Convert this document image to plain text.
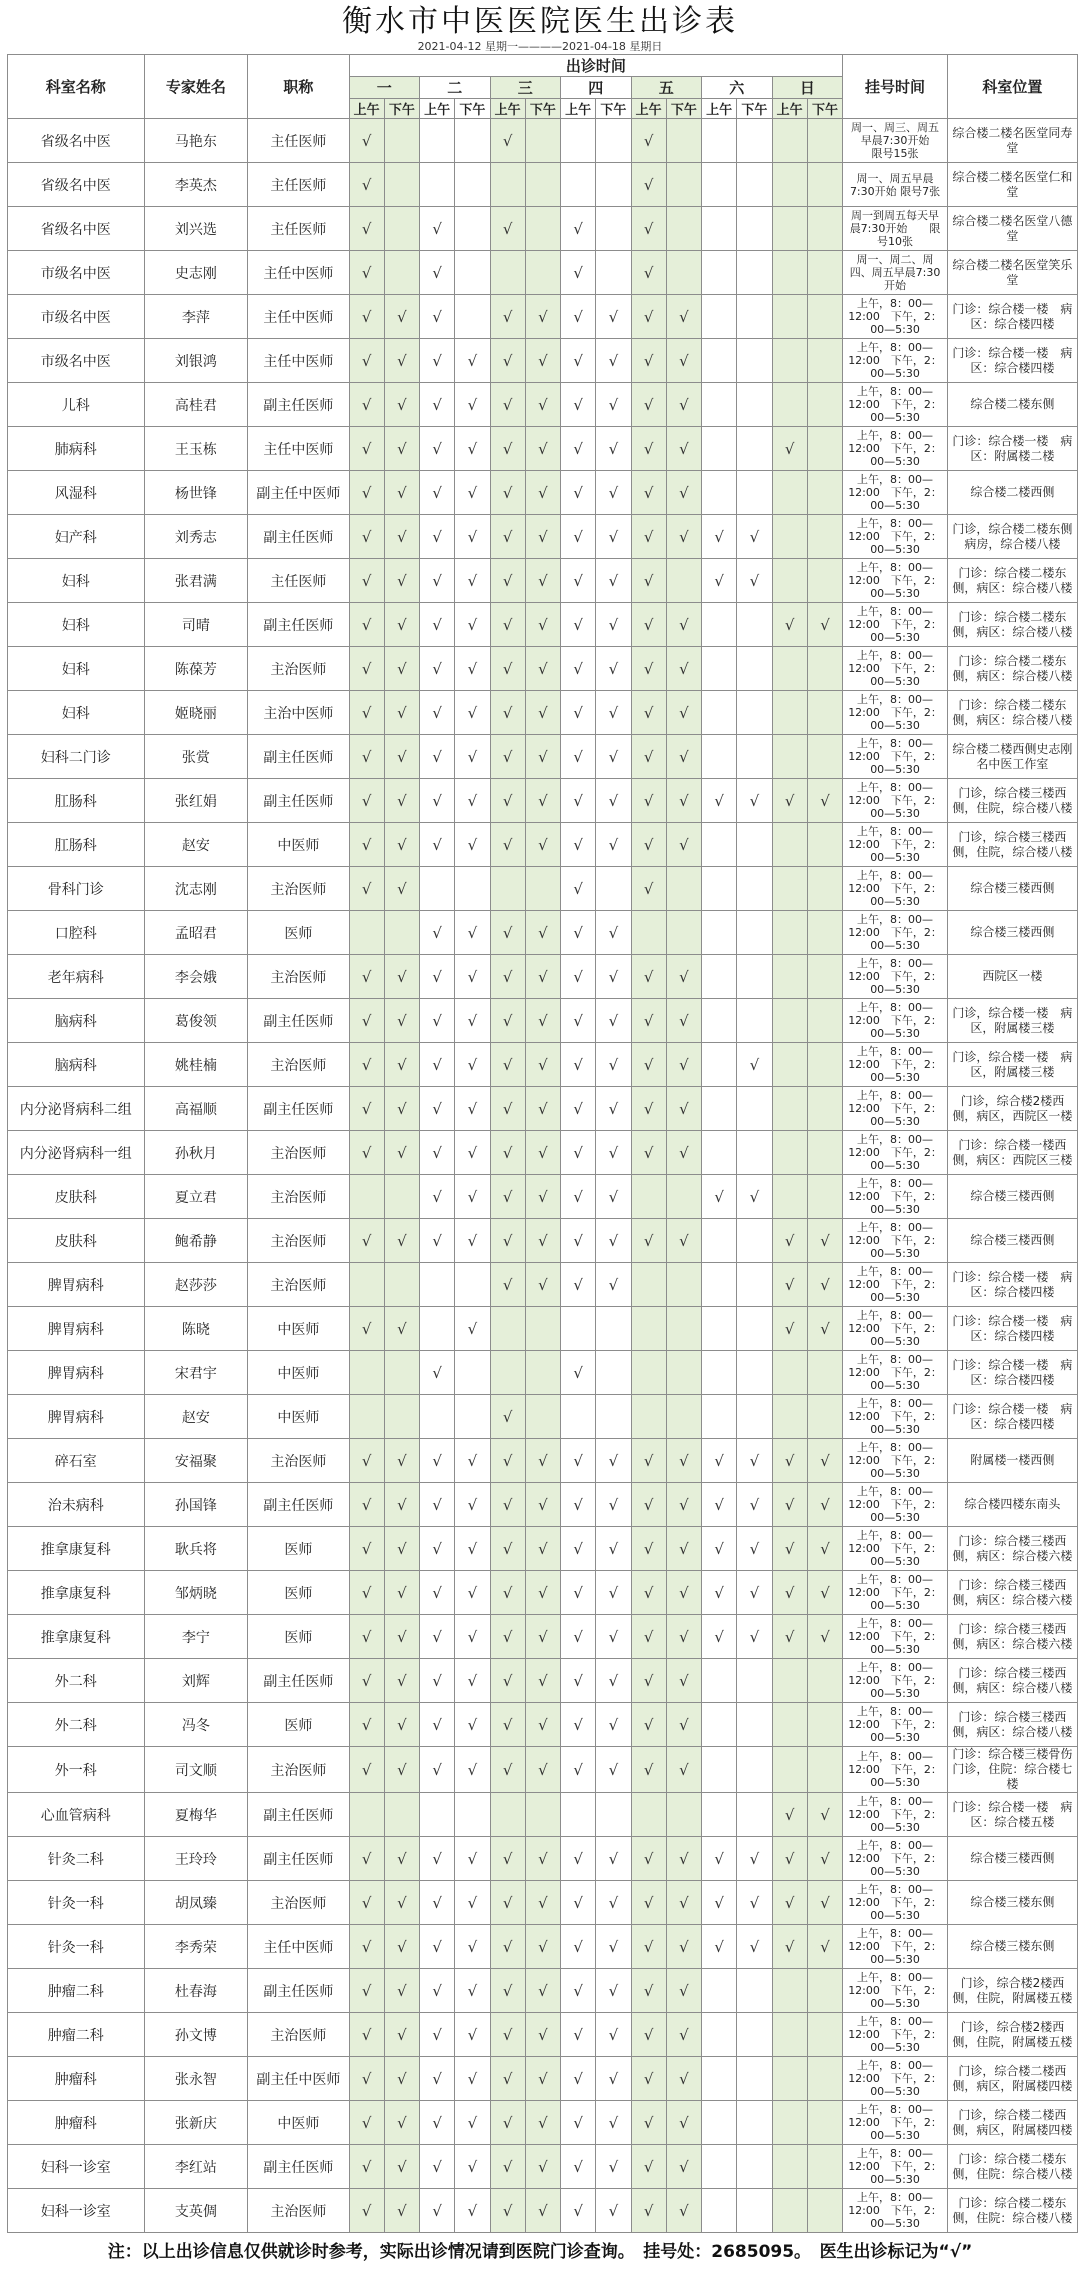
衡水市中医医院医生出诊表
2021-04-12 星期一————2021-04-18 星期日
科室名称	专家姓名	职称	出诊时间														挂号时间	科室位置
			一		二		三		四		五		六		日			
			上午	下午	上午	下午	上午	下午	上午	下午	上午	下午	上午	下午	上午	下午		
省级名中医	马艳东	主任医师	√				√				√						周一、周三、周五早晨7:30开始　　限号15张	综合楼二楼名医堂同寿堂
省级名中医	李英杰	主任医师	√								√						周一、周五早晨7:30开始 限号7张	综合楼二楼名医堂仁和堂
省级名中医	刘兴选	主任医师	√		√		√		√		√						周一到周五每天早晨7:30开始　　限号10张	综合楼二楼名医堂八德堂
市级名中医	史志刚	主任中医师	√		√				√		√						周一、周二、周四、周五早晨7:30开始	综合楼二楼名医堂笑乐堂
市级名中医	李萍	主任中医师	√	√	√		√	√	√	√	√	√					上午，8：00—12:00　下午，2：00—5:30	门诊：综合楼一楼　病区：综合楼四楼
市级名中医	刘银鸿	主任中医师	√	√	√	√	√	√	√	√	√	√					上午，8：00—12:00　下午，2：00—5:30	门诊：综合楼一楼　病区：综合楼四楼
儿科	高桂君	副主任医师	√	√	√	√	√	√	√	√	√	√					上午，8：00—12:00　下午，2：00—5:30	综合楼二楼东侧
肺病科	王玉栋	主任中医师	√	√	√	√	√	√	√	√	√	√			√		上午，8：00—12:00　下午，2：00—5:30	门诊：综合楼一楼　病区：附属楼二楼
风湿科	杨世锋	副主任中医师	√	√	√	√	√	√	√	√	√	√					上午，8：00—12:00　下午，2：00—5:30	综合楼二楼西侧
妇产科	刘秀志	副主任医师	√	√	√	√	√	√	√	√	√	√	√	√			上午，8：00—12:00　下午，2：00—5:30	门诊，综合楼二楼东侧病房，综合楼八楼
妇科	张君满	主任医师	√	√	√	√	√	√	√	√	√		√	√			上午，8：00—12:00　下午，2：00—5:30	门诊：综合楼二楼东侧，病区：综合楼八楼
妇科	司晴	副主任医师	√	√	√	√	√	√	√	√	√	√			√	√	上午，8：00—12:00　下午，2：00—5:30	门诊：综合楼二楼东侧，病区：综合楼八楼
妇科	陈葆芳	主治医师	√	√	√	√	√	√	√	√	√	√					上午，8：00—12:00　下午，2：00—5:30	门诊：综合楼二楼东侧，病区：综合楼八楼
妇科	姬晓丽	主治中医师	√	√	√	√	√	√	√	√	√	√					上午，8：00—12:00　下午，2：00—5:30	门诊：综合楼二楼东侧，病区：综合楼八楼
妇科二门诊	张赏	副主任医师	√	√	√	√	√	√	√	√	√	√					上午，8：00—12:00　下午，2：00—5:30	综合楼二楼西侧史志刚名中医工作室
肛肠科	张红娟	副主任医师	√	√	√	√	√	√	√	√	√	√	√	√	√	√	上午，8：00—12:00　下午，2：00—5:30	门诊，综合楼三楼西侧，住院，综合楼八楼
肛肠科	赵安	中医师	√	√	√	√	√	√	√	√	√	√					上午，8：00—12:00　下午，2：00—5:30	门诊，综合楼三楼西侧，住院，综合楼八楼
骨科门诊	沈志刚	主治医师	√	√					√		√						上午，8：00—12:00　下午，2：00—5:30	综合楼三楼西侧
口腔科	孟昭君	医师			√	√	√	√	√	√							上午，8：00—12:00　下午，2：00—5:30	综合楼三楼西侧
老年病科	李会娥	主治医师	√	√	√	√	√	√	√	√	√	√					上午，8：00—12:00　下午，2：00—5:30	西院区一楼
脑病科	葛俊领	副主任医师	√	√	√	√	√	√	√	√	√	√					上午，8：00—12:00　下午，2：00—5:30	门诊，综合楼一楼　病区，附属楼三楼
脑病科	姚桂楠	主治医师	√	√	√	√	√	√	√	√	√	√		√			上午，8：00—12:00　下午，2：00—5:30	门诊，综合楼一楼　病区，附属楼三楼
内分泌肾病科二组	高福顺	副主任医师	√	√	√	√	√	√	√	√	√	√					上午，8：00—12:00　下午，2：00—5:30	门诊，综合楼2楼西侧，病区，西院区一楼
内分泌肾病科一组	孙秋月	主治医师	√	√	√	√	√	√	√	√	√	√					上午，8：00—12:00　下午，2：00—5:30	门诊：综合楼一楼西侧，病区：西院区三楼
皮肤科	夏立君	主治医师			√	√	√	√	√	√			√	√			上午，8：00—12:00　下午，2：00—5:30	综合楼三楼西侧
皮肤科	鲍希静	主治医师	√	√	√	√	√	√	√	√	√	√			√	√	上午，8：00—12:00　下午，2：00—5:30	综合楼三楼西侧
脾胃病科	赵莎莎	主治医师					√	√	√	√					√	√	上午，8：00—12:00　下午，2：00—5:30	门诊：综合楼一楼　病区：综合楼四楼
脾胃病科	陈晓	中医师	√	√		√									√	√	上午，8：00—12:00　下午，2：00—5:30	门诊：综合楼一楼　病区：综合楼四楼
脾胃病科	宋君宇	中医师			√				√								上午，8：00—12:00　下午，2：00—5:30	门诊：综合楼一楼　病区：综合楼四楼
脾胃病科	赵安	中医师					√										上午，8：00—12:00　下午，2：00—5:30	门诊：综合楼一楼　病区：综合楼四楼
碎石室	安福聚	主治医师	√	√	√	√	√	√	√	√	√	√	√	√	√	√	上午，8：00—12:00　下午，2：00—5:30	附属楼一楼西侧
治未病科	孙国锋	副主任医师	√	√	√	√	√	√	√	√	√	√	√	√	√	√	上午，8：00—12:00　下午，2：00—5:30	综合楼四楼东南头
推拿康复科	耿兵将	医师	√	√	√	√	√	√	√	√	√	√	√	√	√	√	上午，8：00—12:00　下午，2：00—5:30	门诊：综合楼三楼西侧，病区：综合楼六楼
推拿康复科	邹炳晓	医师	√	√	√	√	√	√	√	√	√	√	√	√	√	√	上午，8：00—12:00　下午，2：00—5:30	门诊：综合楼三楼西侧，病区：综合楼六楼
推拿康复科	李宁	医师	√	√	√	√	√	√	√	√	√	√	√	√	√	√	上午，8：00—12:00　下午，2：00—5:30	门诊：综合楼三楼西侧，病区：综合楼六楼
外二科	刘辉	副主任医师	√	√	√	√	√	√	√	√	√	√					上午，8：00—12:00　下午，2：00—5:30	门诊：综合楼三楼西侧，病区：综合楼八楼
外二科	冯冬	医师	√	√	√	√	√	√	√	√	√	√					上午，8：00—12:00　下午，2：00—5:30	门诊：综合楼三楼西侧，病区：综合楼八楼
外一科	司文顺	主治医师	√	√	√	√	√	√	√	√	√	√					上午，8：00—12:00　下午，2：00—5:30	门诊：综合楼三楼骨伤门诊，住院：综合楼七楼
心血管病科	夏梅华	副主任医师													√	√	上午，8：00—12:00　下午，2：00—5:30	门诊：综合楼一楼　病区：综合楼五楼
针灸二科	王玲玲	副主任医师	√	√	√	√	√	√	√	√	√	√	√	√	√	√	上午，8：00—12:00　下午，2：00—5:30	综合楼三楼西侧
针灸一科	胡凤臻	主治医师	√	√	√	√	√	√	√	√	√	√	√	√	√	√	上午，8：00—12:00　下午，2：00—5:30	综合楼三楼东侧
针灸一科	李秀荣	主任中医师	√	√	√	√	√	√	√	√	√	√	√	√	√	√	上午，8：00—12:00　下午，2：00—5:30	综合楼三楼东侧
肿瘤二科	杜春海	副主任医师	√	√	√	√	√	√	√	√	√	√					上午，8：00—12:00　下午，2：00—5:30	门诊，综合楼2楼西侧，住院，附属楼五楼
肿瘤二科	孙文博	主治医师	√	√	√	√	√	√	√	√	√	√					上午，8：00—12:00　下午，2：00—5:30	门诊，综合楼2楼西侧，住院，附属楼五楼
肿瘤科	张永智	副主任中医师	√	√	√	√	√	√	√	√	√	√					上午，8：00—12:00　下午，2：00—5:30	门诊，综合楼二楼西侧，病区，附属楼四楼
肿瘤科	张新庆	中医师	√	√	√	√	√	√	√	√	√	√					上午，8：00—12:00　下午，2：00—5:30	门诊，综合楼二楼西侧，病区，附属楼四楼
妇科一诊室	李红站	副主任医师	√	√	√	√	√	√	√	√	√	√					上午，8：00—12:00　下午，2：00—5:30	门诊：综合楼二楼东侧，住院：综合楼八楼
妇科一诊室	支英倜	主治医师	√	√	√	√	√	√	√	√	√	√					上午，8：00—12:00　下午，2：00—5:30	门诊：综合楼二楼东侧，住院：综合楼八楼
注：以上出诊信息仅供就诊时参考，实际出诊情况请到医院门诊查询。　 挂号处：2685095。　 医生出诊标记为“√”
